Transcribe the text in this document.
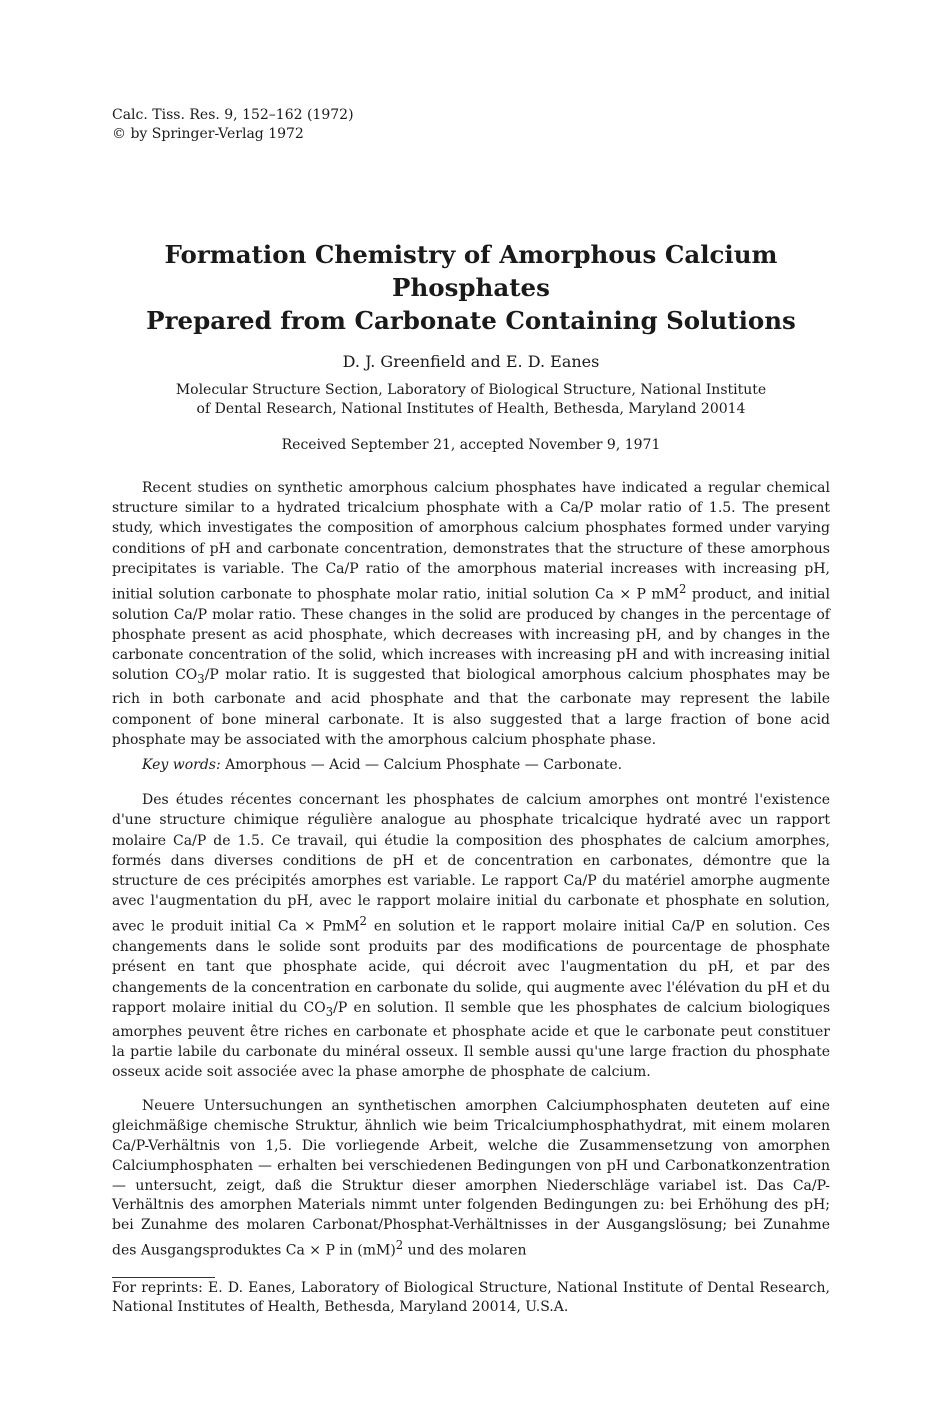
Calc. Tiss. Res. 9, 152–162 (1972)
© by Springer-Verlag 1972
Formation Chemistry of Amorphous Calcium Phosphates
Prepared from Carbonate Containing Solutions
D. J. Greenfield and E. D. Eanes
Molecular Structure Section, Laboratory of Biological Structure, National Institute
of Dental Research, National Institutes of Health, Bethesda, Maryland 20014
Received September 21, accepted November 9, 1971

Recent studies on synthetic amorphous calcium phosphates have indicated a regular chemical structure similar to a hydrated tricalcium phosphate with a Ca/P molar ratio of 1.5. The present study, which investigates the composition of amorphous calcium phosphates formed under varying conditions of pH and carbonate concentration, demonstrates that the structure of these amorphous precipitates is variable. The Ca/P ratio of the amorphous material increases with increasing pH, initial solution carbonate to phosphate molar ratio, initial solution Ca × P $mM^2$ product, and initial solution Ca/P molar ratio. These changes in the solid are produced by changes in the percentage of phosphate present as acid phosphate, which decreases with increasing pH, and by changes in the carbonate concentration of the solid, which increases with increasing pH and with increasing initial solution $CO_3/P$ molar ratio. It is suggested that biological amorphous calcium phosphates may be rich in both carbonate and acid phosphate and that the carbonate may represent the labile component of bone mineral carbonate. It is also suggested that a large fraction of bone acid phosphate may be associated with the amorphous calcium phosphate phase.

Key words: Amorphous — Acid — Calcium Phosphate — Carbonate.

Des études récentes concernant les phosphates de calcium amorphes ont montré l'existence d'une structure chimique régulière analogue au phosphate tricalcique hydraté avec un rapport molaire Ca/P de 1.5. Ce travail, qui étudie la composition des phosphates de calcium amorphes, formés dans diverses conditions de pH et de concentration en carbonates, démontre que la structure de ces précipités amorphes est variable. Le rapport Ca/P du matériel amorphe augmente avec l'augmentation du pH, avec le rapport molaire initial du carbonate et phosphate en solution, avec le produit initial Ca × PmM$^2$ en solution et le rapport molaire initial Ca/P en solution. Ces changements dans le solide sont produits par des modifications de pourcentage de phosphate présent en tant que phosphate acide, qui décroit avec l'augmentation du pH, et par des changements de la concentration en carbonate du solide, qui augmente avec l'élévation du pH et du rapport molaire initial du $CO_3/P$ en solution. Il semble que les phosphates de calcium biologiques amorphes peuvent être riches en carbonate et phosphate acide et que le carbonate peut constituer la partie labile du carbonate du minéral osseux. Il semble aussi qu'une large fraction du phosphate osseux acide soit associée avec la phase amorphe de phosphate de calcium.

Neuere Untersuchungen an synthetischen amorphen Calciumphosphaten deuteten auf eine gleichmäßige chemische Struktur, ähnlich wie beim Tricalciumphosphathydrat, mit einem molaren Ca/P-Verhältnis von 1,5. Die vorliegende Arbeit, welche die Zusammensetzung von amorphen Calciumphosphaten — erhalten bei verschiedenen Bedingungen von pH und Carbonatkonzentration — untersucht, zeigt, daß die Struktur dieser amorphen Niederschläge variabel ist. Das Ca/P-Verhältnis des amorphen Materials nimmt unter folgenden Bedingungen zu: bei Erhöhung des pH; bei Zunahme des molaren Carbonat/Phosphat-Verhältnisses in der Ausgangslösung; bei Zunahme des Ausgangsproduktes Ca × P in (mM)$^2$ und des molaren

For reprints: E. D. Eanes, Laboratory of Biological Structure, National Institute of Dental Research, National Institutes of Health, Bethesda, Maryland 20014, U.S.A.
